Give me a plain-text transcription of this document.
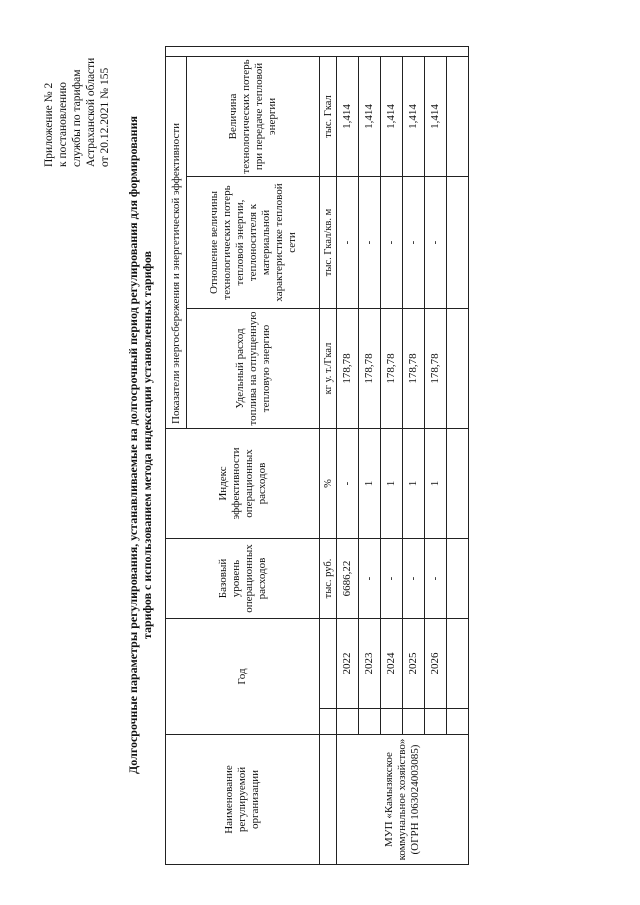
Приложение № 2 к постановлению службы по тарифам Астраханской области от 20.12.2021 № 155 Долгосрочные параметры регулирования, устанавливаемые на долгосрочный период регулирования для формирования тарифов с использованием метода индексации установленных тарифов
Наименование регулируемой организации	Год		Базовый уровень операционных расходов	Индекс эффективности операционных расходов	Показатели энергосбережения и энергетической эффективности			
					Удельный расход топлива на отпущенную тепловую энергию	Отношение величины технологических потерь тепловой энергии, теплоносителя к материальной характеристике тепловой сети	Величина технологических потерь при передаче тепловой энергии	
			тыс. руб.	%	кг у. т./Гкал	тыс. Гкал/кв. м	тыс. Гкал	
МУП «Камызякское коммунальное хозяйство» (ОГРН 1063024003085)		2022	6686,22	-	178,78	-	1,414	
		2023	-	1	178,78	-	1,414	
		2024	-	1	178,78	-	1,414	
		2025	-	1	178,78	-	1,414	
		2026	-	1	178,78	-	1,414	
